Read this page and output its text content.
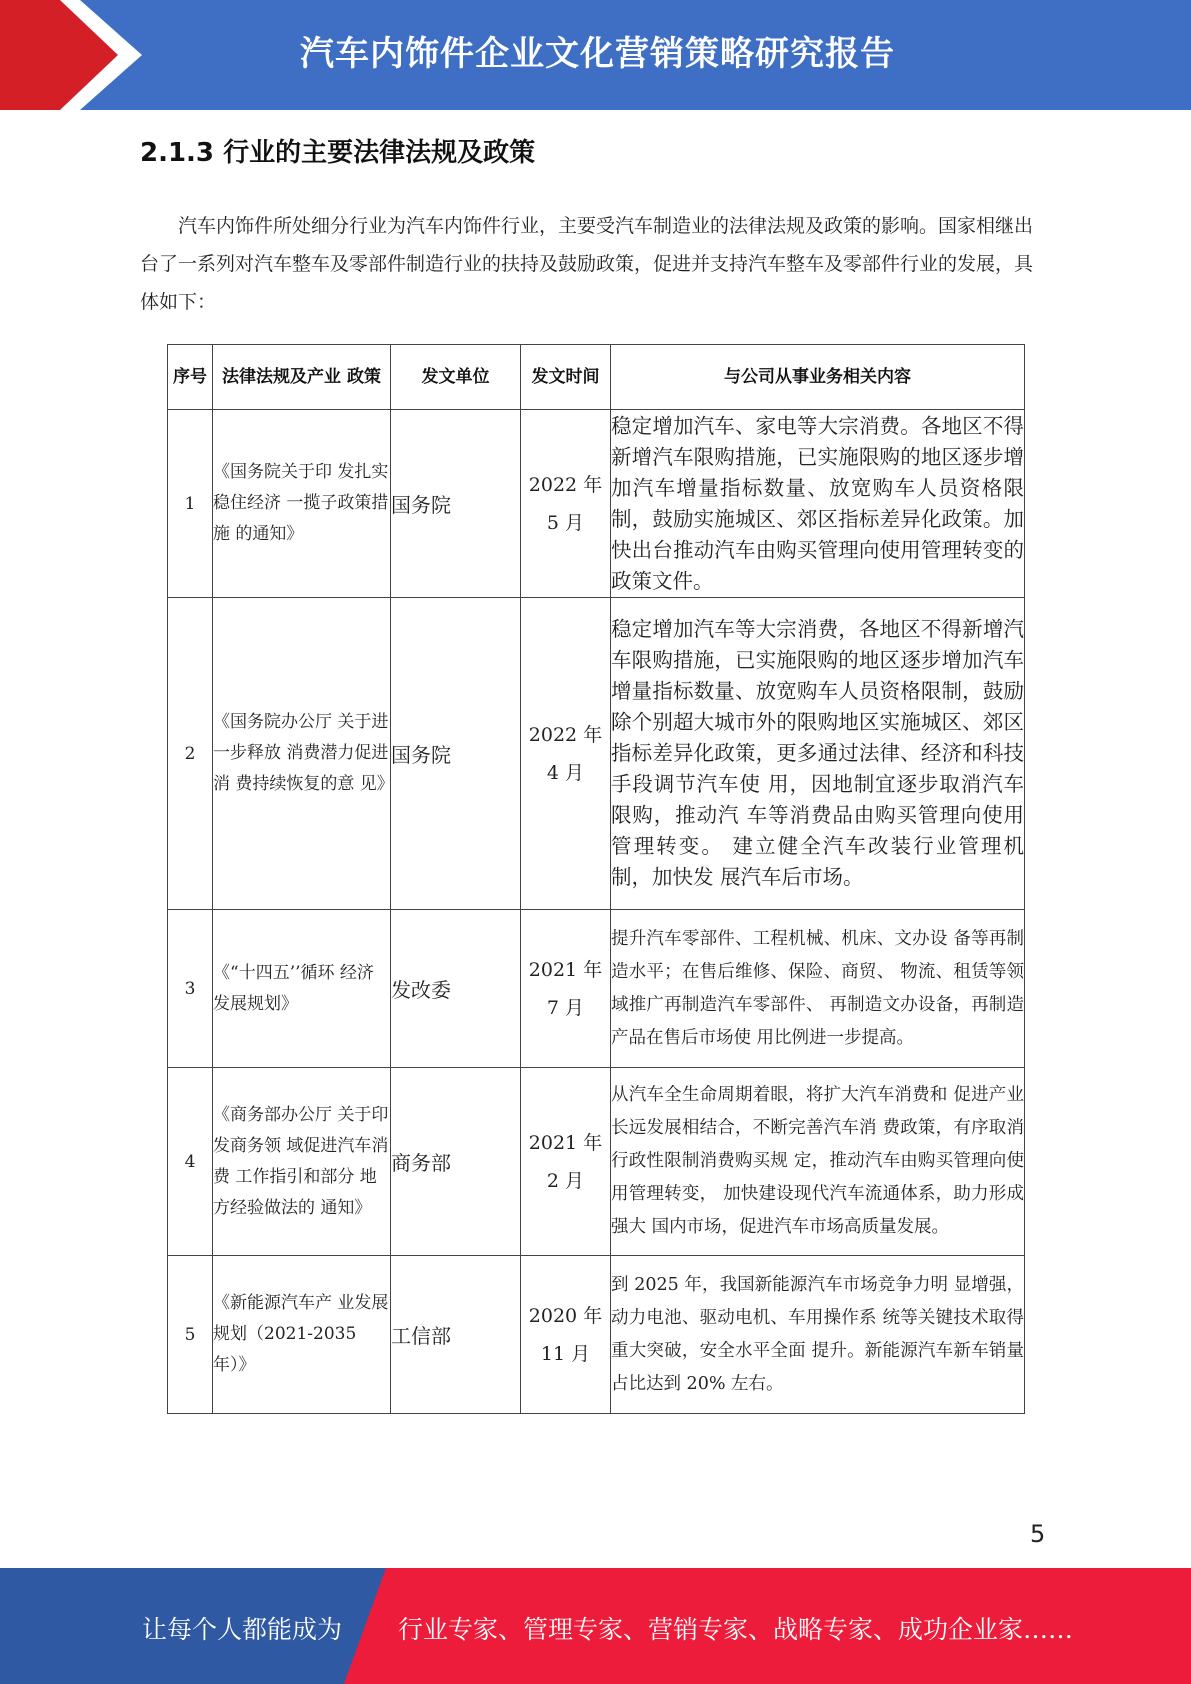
汽车内饰件企业文化营销策略研究报告
2.1.3 行业的主要法律法规及政策

汽车内饰件所处细分行业为汽车内饰件行业，主要受汽车制造业的法律法规及政策的影响。国家相继出台了一系列对汽车整车及零部件制造行业的扶持及鼓励政策，促进并支持汽车整车及零部件行业的发展，具体如下：

序号	法律法规及产业 政策	发文单位	发文时间	与公司从事业务相关内容
1	《国务院关于印 发扎实稳住经济 一揽子政策措施 的通知》	国务院	2022 年 5 月	稳定增加汽车、家电等大宗消费。各地区不得新增汽车限购措施，已实施限购的地区逐步增加汽车增量指标数量、放宽购车人员资格限制，鼓励实施城区、郊区指标差异化政策。加快出台推动汽车由购买管理向使用管理转变的政策文件。
2	《国务院办公厅 关于进一步释放 消费潜力促进消 费持续恢复的意 见》	国务院	2022 年 4 月	稳定增加汽车等大宗消费，各地区不得新增汽车限购措施，已实施限购的地区逐步增加汽车增量指标数量、放宽购车人员资格限制，鼓励除个别超大城市外的限购地区实施城区、郊区指标差异化政策，更多通过法律、经济和科技手段调节汽车使 用，因地制宜逐步取消汽车限购，推动汽 车等消费品由购买管理向使用管理转变。 建立健全汽车改装行业管理机制，加快发 展汽车后市场。
3	《“十四五’’循环 经济发展规划》	发改委	2021 年 7 月	提升汽车零部件、工程机械、机床、文办设 备等再制造水平；在售后维修、保险、商贸、 物流、租赁等领域推广再制造汽车零部件、 再制造文办设备，再制造产品在售后市场使 用比例进一步提高。
4	《商务部办公厅 关于印发商务领 域促进汽车消费 工作指引和部分 地方经验做法的 通知》	商务部	2021 年 2 月	从汽车全生命周期着眼，将扩大汽车消费和 促进产业长远发展相结合，不断完善汽车消 费政策，有序取消行政性限制消费购买规 定，推动汽车由购买管理向使用管理转变， 加快建设现代汽车流通体系，助力形成强大 国内市场，促进汽车市场高质量发展。
5	《新能源汽车产 业发展规划（2021-2035 年）》	工信部	2020 年 11 月	到 2025 年，我国新能源汽车市场竞争力明 显增强，动力电池、驱动电机、车用操作系 统等关键技术取得重大突破，安全水平全面 提升。新能源汽车新车销量占比达到 20% 左右。
5
让每个人都能成为 行业专家、管理专家、营销专家、战略专家、成功企业家……
